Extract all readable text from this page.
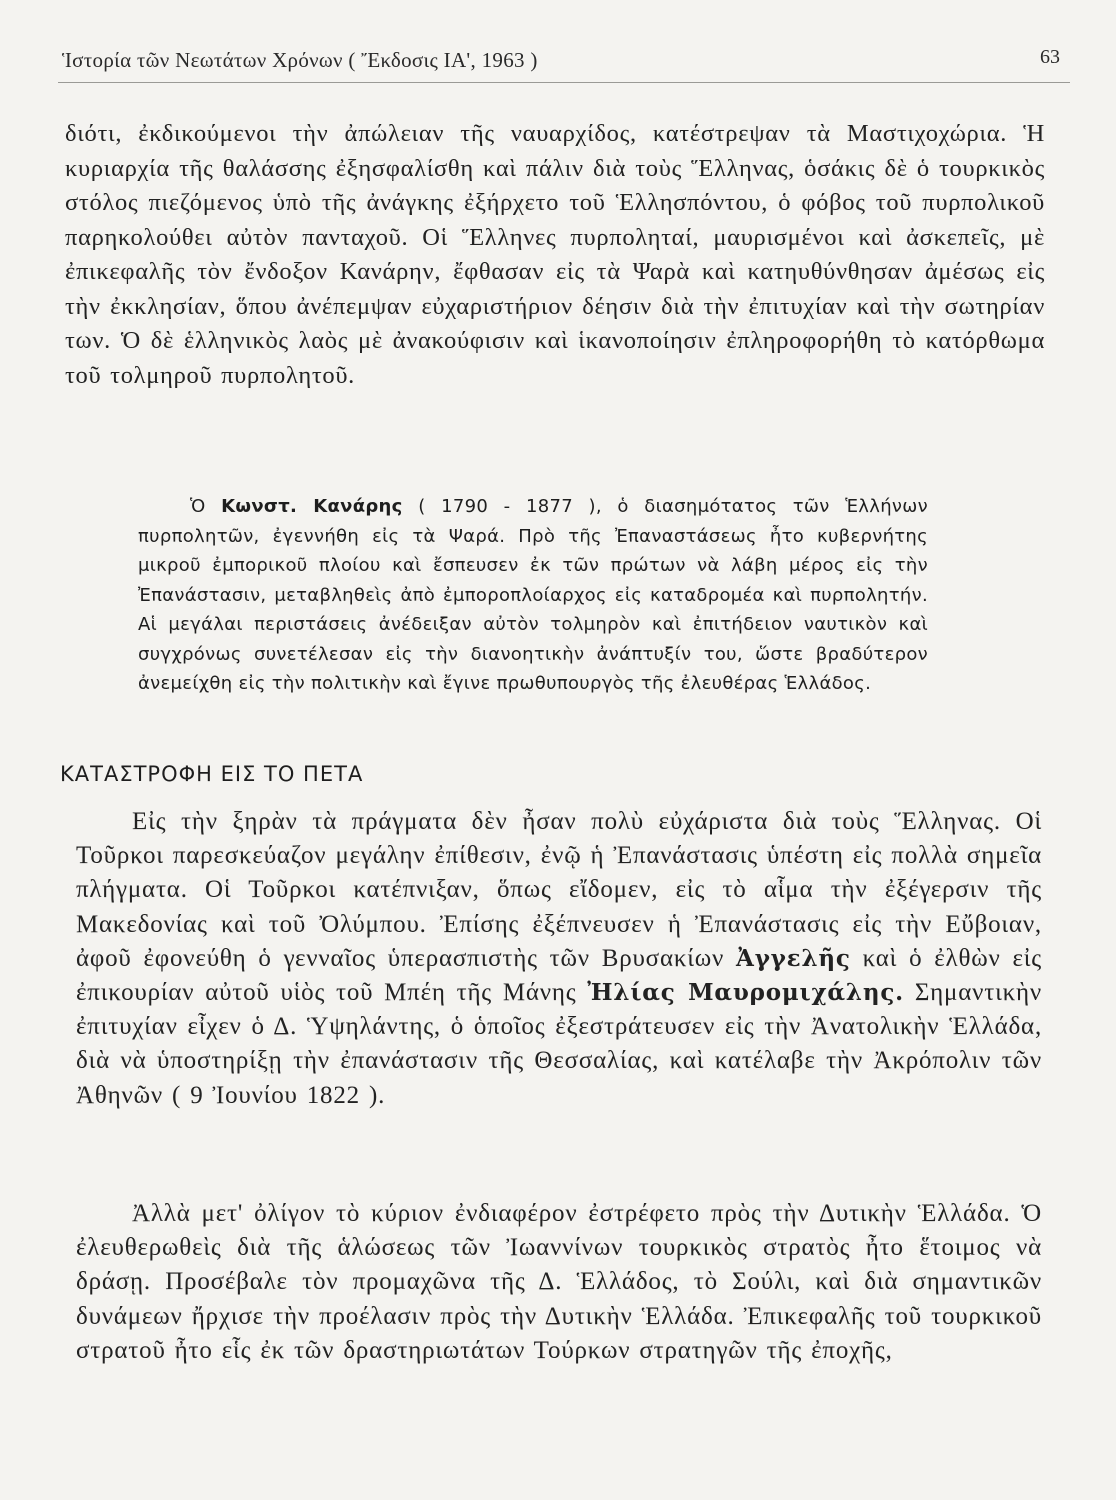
Ἱστορία τῶν Νεωτάτων Χρόνων ( Ἔκδοσις ΙΑ', 1963 )	63

διότι, ἐκδικούμενοι τὴν ἀπώλειαν τῆς ναυαρχίδος, κατέστρεψαν τὰ Μαστιχοχώρια. Ἡ κυριαρχία τῆς θαλάσσης ἐξησφαλίσθη καὶ πάλιν διὰ τοὺς Ἕλληνας, ὁσάκις δὲ ὁ τουρκικὸς στόλος πιεζόμενος ὑπὸ τῆς ἀνάγκης ἐξήρχετο τοῦ Ἑλλησπόντου, ὁ φόβος τοῦ πυρπολικοῦ παρηκολούθει αὐτὸν πανταχοῦ. Οἱ Ἕλληνες πυρποληταί, μαυρισμένοι καὶ ἀσκεπεῖς, μὲ ἐπικεφαλῆς τὸν ἔνδοξον Κανάρην, ἔφθασαν εἰς τὰ Ψαρὰ καὶ κατηυθύνθησαν ἀμέσως εἰς τὴν ἐκκλησίαν, ὅπου ἀνέπεμψαν εὐχαριστήριον δέησιν διὰ τὴν ἐπιτυχίαν καὶ τὴν σωτηρίαν των. Ὁ δὲ ἑλληνικὸς λαὸς μὲ ἀνακούφισιν καὶ ἱκανοποίησιν ἐπληροφορήθη τὸ κατόρθωμα τοῦ τολμηροῦ πυρπολητοῦ.

Ὁ Κωνστ. Κανάρης ( 1790 - 1877 ), ὁ διασημότατος τῶν Ἑλλήνων πυρπολητῶν, ἐγεννήθη εἰς τὰ Ψαρά. Πρὸ τῆς Ἐπαναστάσεως ἦτο κυβερνήτης μικροῦ ἐμπορικοῦ πλοίου καὶ ἔσπευσεν ἐκ τῶν πρώτων νὰ λάβη μέρος εἰς τὴν Ἐπανάστασιν, μεταβληθεὶς ἀπὸ ἐμποροπλοίαρχος εἰς καταδρομέα καὶ πυρπολητήν. Αἱ μεγάλαι περιστάσεις ἀνέδειξαν αὐτὸν τολμηρὸν καὶ ἐπιτήδειον ναυτικὸν καὶ συγχρόνως συνετέλεσαν εἰς τὴν διανοητικὴν ἀνάπτυξίν του, ὥστε βραδύτερον ἀνεμείχθη εἰς τὴν πολιτικὴν καὶ ἔγινε πρωθυπουργὸς τῆς ἐλευθέρας Ἑλλάδος.

ΚΑΤΑΣΤΡΟΦΗ ΕΙΣ ΤΟ ΠΕΤΑ

Εἰς τὴν ξηρὰν τὰ πράγματα δὲν ἦσαν πολὺ εὐχάριστα διὰ τοὺς Ἕλληνας. Οἱ Τοῦρκοι παρεσκεύαζον μεγάλην ἐπίθεσιν, ἐνῷ ἡ Ἐπανάστασις ὑπέστη εἰς πολλὰ σημεῖα πλήγματα. Οἱ Τοῦρκοι κατέπνιξαν, ὅπως εἴδομεν, εἰς τὸ αἷμα τὴν ἐξέγερσιν τῆς Μακεδονίας καὶ τοῦ Ὀλύμπου. Ἐπίσης ἐξέπνευσεν ἡ Ἐπανάστασις εἰς τὴν Εὔβοιαν, ἀφοῦ ἐφονεύθη ὁ γενναῖος ὑπερασπιστὴς τῶν Βρυσακίων Ἀγγελῆς καὶ ὁ ἐλθὼν εἰς ἐπικουρίαν αὐτοῦ υἱὸς τοῦ Μπέη τῆς Μάνης Ἠλίας Μαυρομιχάλης. Σημαντικὴν ἐπιτυχίαν εἶχεν ὁ Δ. Ὑψηλάντης, ὁ ὁποῖος ἐξεστράτευσεν εἰς τὴν Ἀνατολικὴν Ἑλλάδα, διὰ νὰ ὑποστηρίξῃ τὴν ἐπανάστασιν τῆς Θεσσαλίας, καὶ κατέλαβε τὴν Ἀκρόπολιν τῶν Ἀθηνῶν ( 9 Ἰουνίου 1822 ).

Ἀλλὰ μετ' ὀλίγον τὸ κύριον ἐνδιαφέρον ἐστρέφετο πρὸς τὴν Δυτικὴν Ἑλλάδα. Ὁ ἐλευθερωθεὶς διὰ τῆς ἁλώσεως τῶν Ἰωαννίνων τουρκικὸς στρατὸς ἦτο ἕτοιμος νὰ δράσῃ. Προσέβαλε τὸν προμαχῶνα τῆς Δ. Ἑλλάδος, τὸ Σούλι, καὶ διὰ σημαντικῶν δυνάμεων ἤρχισε τὴν προέλασιν πρὸς τὴν Δυτικὴν Ἑλλάδα. Ἐπικεφαλῆς τοῦ τουρκικοῦ στρατοῦ ἦτο εἷς ἐκ τῶν δραστηριωτάτων Τούρκων στρατηγῶν τῆς ἐποχῆς,
